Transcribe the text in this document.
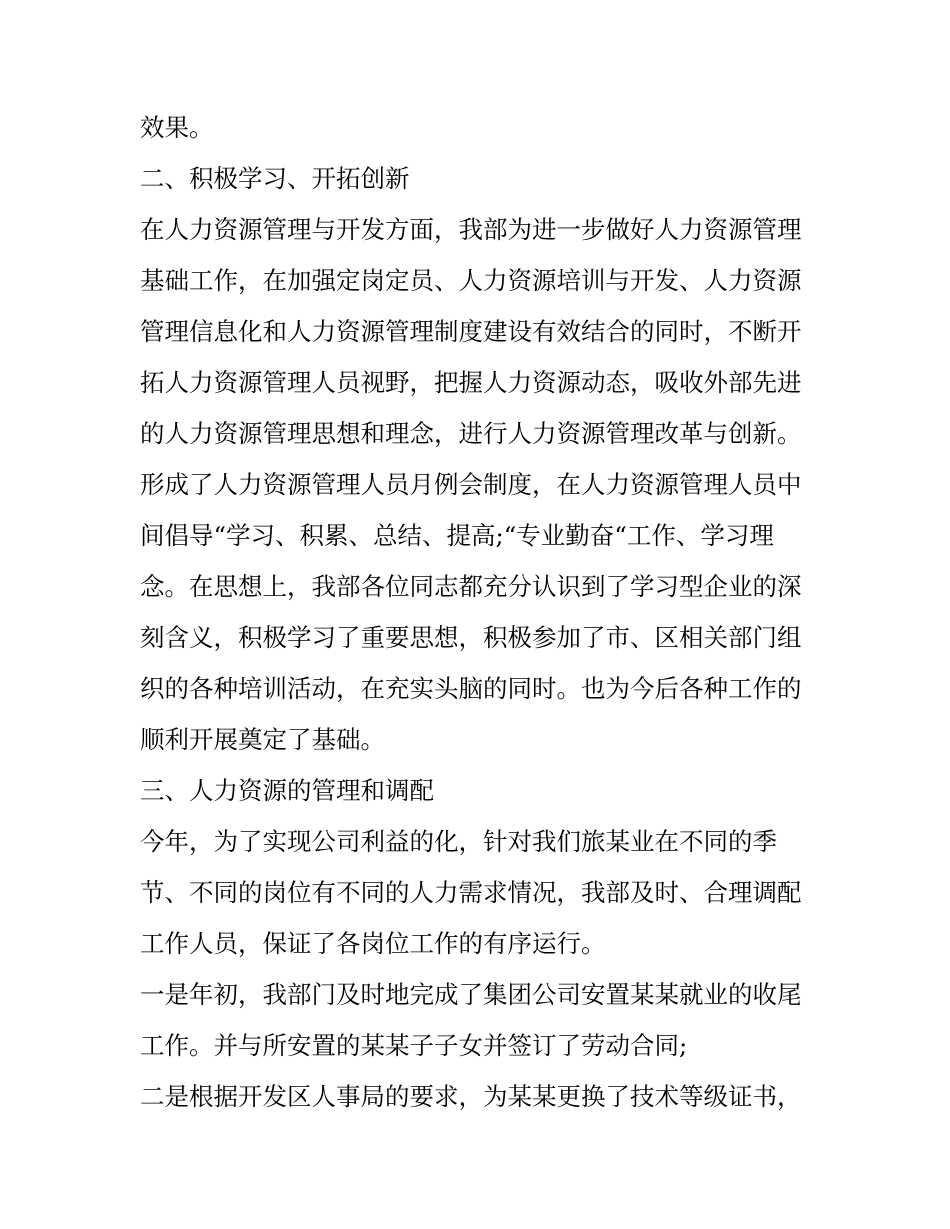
效果。
二、积极学习、开拓创新
在人力资源管理与开发方面，我部为进一步做好人力资源管理
基础工作，在加强定岗定员、人力资源培训与开发、人力资源
管理信息化和人力资源管理制度建设有效结合的同时，不断开
拓人力资源管理人员视野，把握人力资源动态，吸收外部先进
的人力资源管理思想和理念，进行人力资源管理改革与创新。
形成了人力资源管理人员月例会制度，在人力资源管理人员中
间倡导“学习、积累、总结、提高;“专业勤奋“工作、学习理
念。在思想上，我部各位同志都充分认识到了学习型企业的深
刻含义，积极学习了重要思想，积极参加了市、区相关部门组
织的各种培训活动，在充实头脑的同时。也为今后各种工作的
顺利开展奠定了基础。
三、人力资源的管理和调配
今年，为了实现公司利益的化，针对我们旅某业在不同的季
节、不同的岗位有不同的人力需求情况，我部及时、合理调配
工作人员，保证了各岗位工作的有序运行。
一是年初，我部门及时地完成了集团公司安置某某就业的收尾
工作。并与所安置的某某子子女并签订了劳动合同;
二是根据开发区人事局的要求，为某某更换了技术等级证书，
